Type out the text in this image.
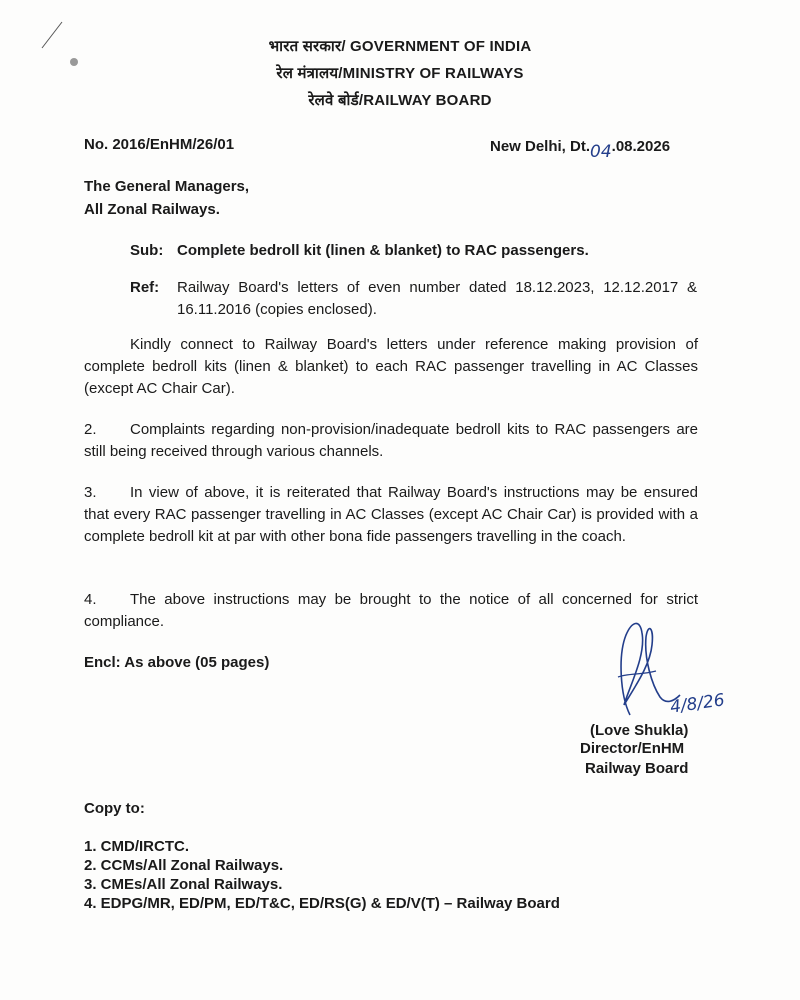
भारत सरकार/ GOVERNMENT OF INDIA
रेल मंत्रालय/MINISTRY OF RAILWAYS
रेलवे बोर्ड/RAILWAY BOARD
No. 2016/EnHM/26/01	New Delhi, Dt.04.08.2026
The General Managers,
All Zonal Railways.
Sub: Complete bedroll kit (linen & blanket) to RAC passengers.
Ref: Railway Board's letters of even number dated 18.12.2023, 12.12.2017 & 16.11.2016 (copies enclosed).
Kindly connect to Railway Board's letters under reference making provision of complete bedroll kits (linen & blanket) to each RAC passenger travelling in AC Classes (except AC Chair Car).
2.	Complaints regarding non-provision/inadequate bedroll kits to RAC passengers are still being received through various channels.
3.	In view of above, it is reiterated that Railway Board's instructions may be ensured that every RAC passenger travelling in AC Classes (except AC Chair Car) is provided with a complete bedroll kit at par with other bona fide passengers travelling in the coach.
4.	The above instructions may be brought to the notice of all concerned for strict compliance.
Encl: As above (05 pages)
4/8/26
(Love Shukla)
Director/EnHM
Railway Board
Copy to:
1. CMD/IRCTC.
2. CCMs/All Zonal Railways.
3. CMEs/All Zonal Railways.
4. EDPG/MR, ED/PM, ED/T&C, ED/RS(G) & ED/V(T) – Railway Board
